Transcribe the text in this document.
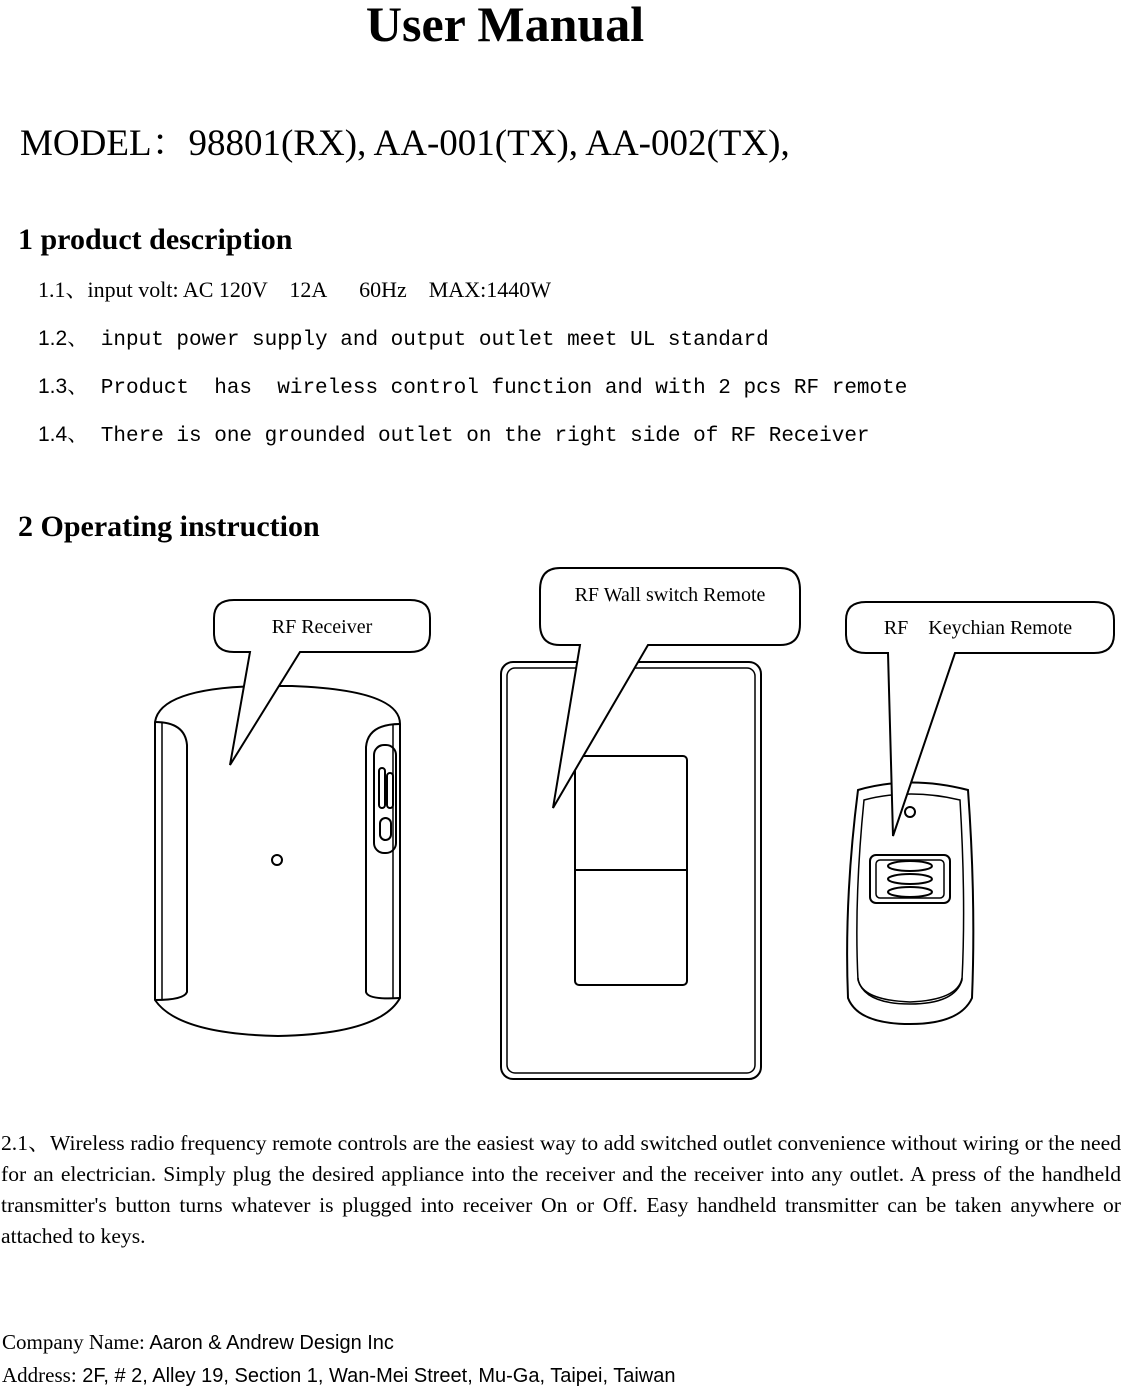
User Manual
MODEL：98801(RX), AA-001(TX), AA-002(TX),
1 product description
1.1、input volt: AC 120V    12A      60Hz    MAX:1440W
1.2、 input power supply and output outlet meet UL standard
1.3、 Product  has  wireless control function and with 2 pcs RF remote
1.4、 There is one grounded outlet on the right side of RF Receiver
2 Operating instruction
RF Receiver
RF Wall switch Remote
RF    Keychian Remote
2.1、Wireless radio frequency remote controls are the easiest way to add switched outlet convenience without wiring or the need for an electrician. Simply plug the desired appliance into the receiver and the receiver into any outlet. A press of the handheld transmitter's button turns whatever is plugged into receiver On or Off. Easy handheld transmitter can be taken anywhere or attached to keys.
Company Name: Aaron & Andrew Design Inc
Address: 2F, # 2, Alley 19, Section 1, Wan-Mei Street, Mu-Ga, Taipei, Taiwan
